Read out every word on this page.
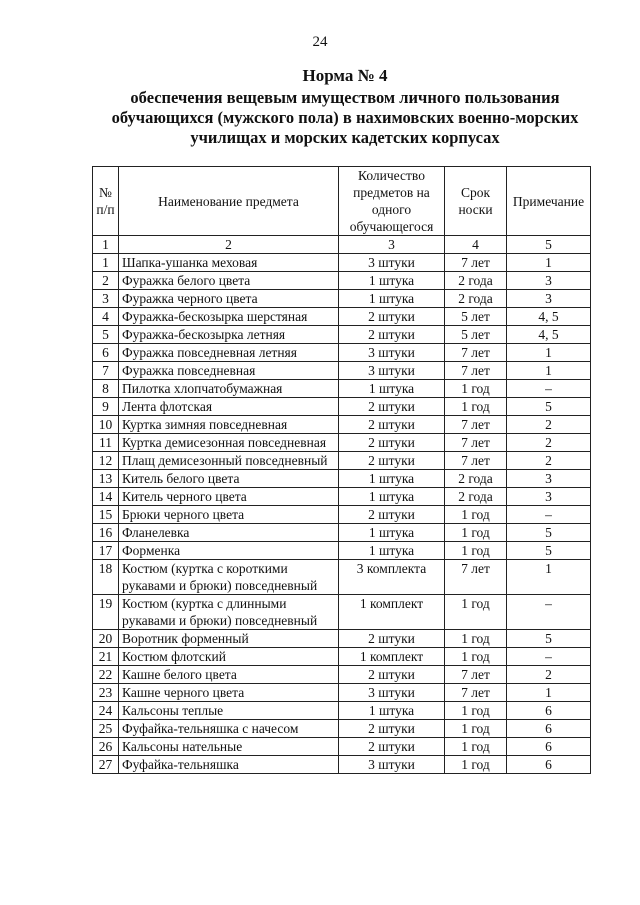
24
Норма № 4
обеспечения вещевым имуществом личного пользования
обучающихся (мужского пола) в нахимовских военно-морских
училищах и морских кадетских корпусах
№ п/п	Наименование предмета	Количество предметов на одного обучающегося	Срок носки	Примечание
1	2	3	4	5
1	Шапка-ушанка меховая	3 штуки	7 лет	1
2	Фуражка белого цвета	1 штука	2 года	3
3	Фуражка черного цвета	1 штука	2 года	3
4	Фуражка-бескозырка шерстяная	2 штуки	5 лет	4, 5
5	Фуражка-бескозырка летняя	2 штуки	5 лет	4, 5
6	Фуражка повседневная летняя	3 штуки	7 лет	1
7	Фуражка повседневная	3 штуки	7 лет	1
8	Пилотка хлопчатобумажная	1 штука	1 год	–
9	Лента флотская	2 штуки	1 год	5
10	Куртка зимняя повседневная	2 штуки	7 лет	2
11	Куртка демисезонная повседневная	2 штуки	7 лет	2
12	Плащ демисезонный повседневный	2 штуки	7 лет	2
13	Китель белого цвета	1 штука	2 года	3
14	Китель черного цвета	1 штука	2 года	3
15	Брюки черного цвета	2 штуки	1 год	–
16	Фланелевка	1 штука	1 год	5
17	Форменка	1 штука	1 год	5
18	Костюм (куртка с короткими рукавами и брюки) повседневный	3 комплекта	7 лет	1
19	Костюм (куртка с длинными рукавами и брюки) повседневный	1 комплект	1 год	–
20	Воротник форменный	2 штуки	1 год	5
21	Костюм флотский	1 комплект	1 год	–
22	Кашне белого цвета	2 штуки	7 лет	2
23	Кашне черного цвета	3 штуки	7 лет	1
24	Кальсоны теплые	1 штука	1 год	6
25	Фуфайка-тельняшка с начесом	2 штуки	1 год	6
26	Кальсоны нательные	2 штуки	1 год	6
27	Фуфайка-тельняшка	3 штуки	1 год	6
